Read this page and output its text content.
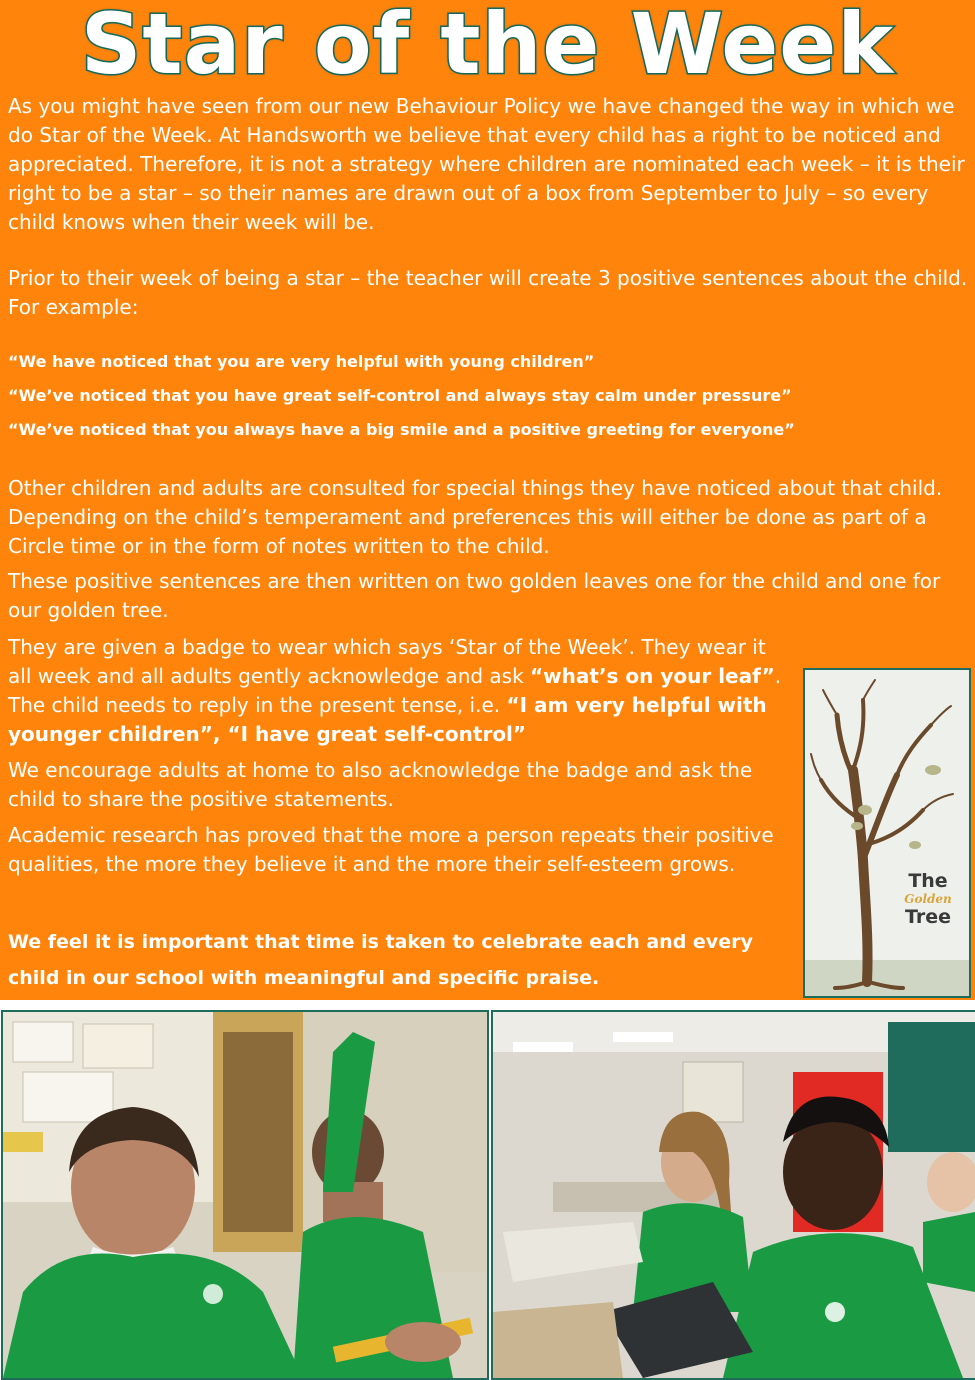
Star of the Week

As you might have seen from our new Behaviour Policy we have changed the way in which we do Star of the Week. At Handsworth we believe that every child has a right to be noticed and appreciated. Therefore, it is not a strategy where children are nominated each week – it is their right to be a star – so their names are drawn out of a box from September to July – so every child knows when their week will be.

Prior to their week of being a star – the teacher will create 3 positive sentences about the child. For example:

“We have noticed that you are very helpful with young children”

“We’ve noticed that you have great self-control and always stay calm under pressure”

“We’ve noticed that you always have a big smile and a positive greeting for everyone”

Other children and adults are consulted for special things they have noticed about that child. Depending on the child’s temperament and preferences this will either be done as part of a Circle time or in the form of notes written to the child.

These positive sentences are then written on two golden leaves one for the child and one for our golden tree.

They are given a badge to wear which says ‘Star of the Week’. They wear it all week and all adults gently acknowledge and ask “what’s on your leaf”. The child needs to reply in the present tense, i.e. “I am very helpful with younger children”, “I have great self-control”

We encourage adults at home to also acknowledge the badge and ask the child to share the positive statements.

Academic research has proved that the more a person repeats their positive qualities, the more they believe it and the more their self-esteem grows.

We feel it is important that time is taken to celebrate each and every child in our school with meaningful and specific praise.

The
Golden
Tree
